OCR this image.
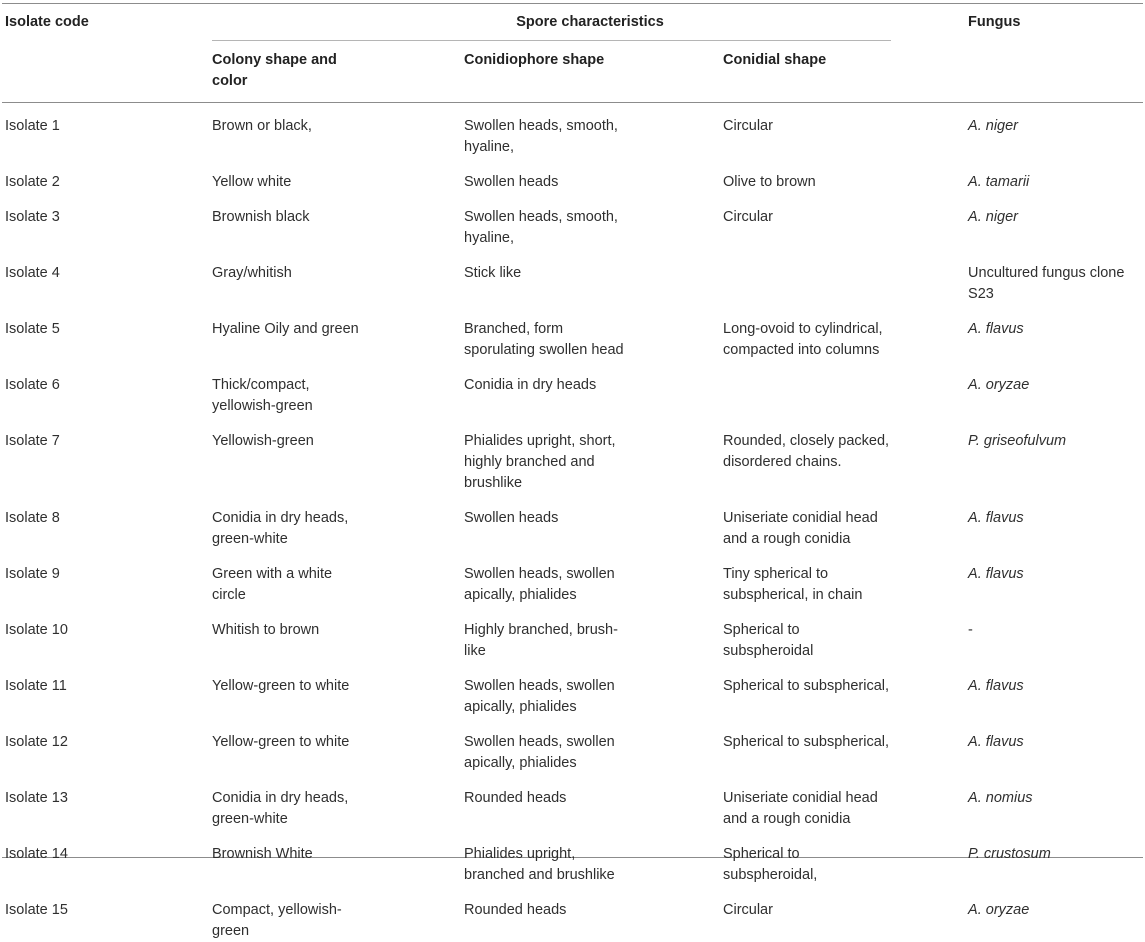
Isolate code	Spore characteristics			Fungus
	Colony shape and color	Conidiophore shape	Conidial shape	

Isolate 1	Brown or black,	Swollen heads, smooth, hyaline,	Circular	A. niger

Isolate 2	Yellow white	Swollen heads	Olive to brown	A. tamarii

Isolate 3	Brownish black	Swollen heads, smooth, hyaline,	Circular	A. niger

Isolate 4	Gray/whitish	Stick like		Uncultured fungus clone S23

Isolate 5	Hyaline Oily and green	Branched, form sporulating swollen head	Long-ovoid to cylindrical, compacted into columns	A. flavus

Isolate 6	Thick/compact, yellowish-green	Conidia in dry heads		A. oryzae

Isolate 7	Yellowish-green	Phialides upright, short, highly branched and brushlike	Rounded, closely packed, disordered chains.	P. griseofulvum

Isolate 8	Conidia in dry heads, green-white	Swollen heads	Uniseriate conidial head and a rough conidia	A. flavus

Isolate 9	Green with a white circle	Swollen heads, swollen apically, phialides	Tiny spherical to subspherical, in chain	A. flavus

Isolate 10	Whitish to brown	Highly branched, brush-like	Spherical to subspheroidal	-

Isolate 11	Yellow-green to white	Swollen heads, swollen apically, phialides	Spherical to subspherical,	A. flavus

Isolate 12	Yellow-green to white	Swollen heads, swollen apically, phialides	Spherical to subspherical,	A. flavus

Isolate 13	Conidia in dry heads, green-white	Rounded heads	Uniseriate conidial head and a rough conidia	A. nomius

Isolate 14	Brownish White	Phialides upright, branched and brushlike	Spherical to subspheroidal,	P. crustosum

Isolate 15	Compact, yellowish-green	Rounded heads	Circular	A. oryzae
